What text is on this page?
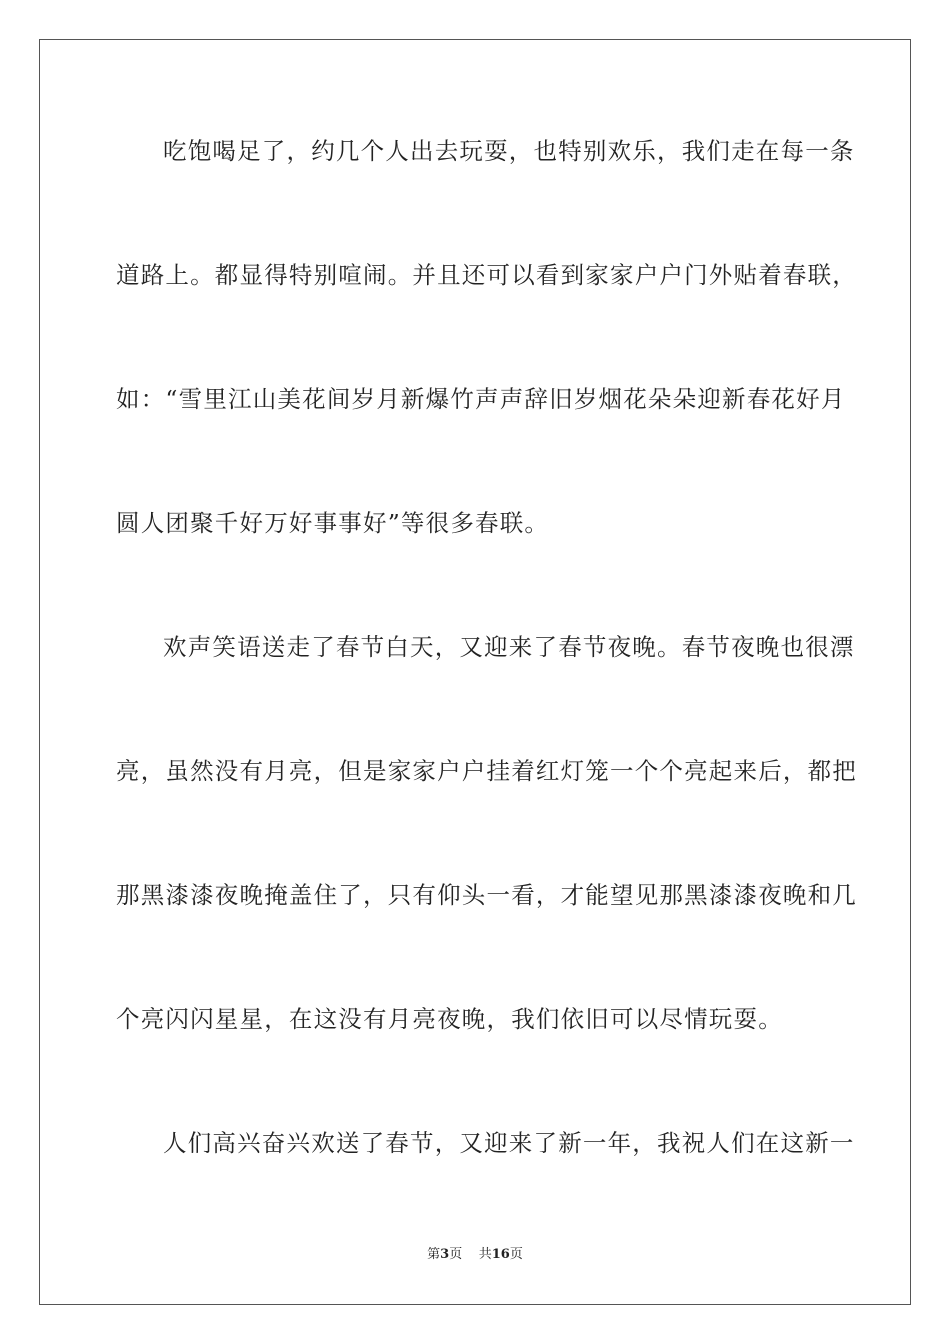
吃饱喝足了，约几个人出去玩耍，也特别欢乐，我们走在每一条
道路上。都显得特别喧闹。并且还可以看到家家户户门外贴着春联，
如：“雪里江山美花间岁月新爆竹声声辞旧岁烟花朵朵迎新春花好月
圆人团聚千好万好事事好”等很多春联。
欢声笑语送走了春节白天，又迎来了春节夜晚。春节夜晚也很漂
亮，虽然没有月亮，但是家家户户挂着红灯笼一个个亮起来后，都把
那黑漆漆夜晚掩盖住了，只有仰头一看，才能望见那黑漆漆夜晚和几
个亮闪闪星星，在这没有月亮夜晚，我们依旧可以尽情玩耍。
人们高兴奋兴欢送了春节，又迎来了新一年，我祝人们在这新一
第3页 共16页
